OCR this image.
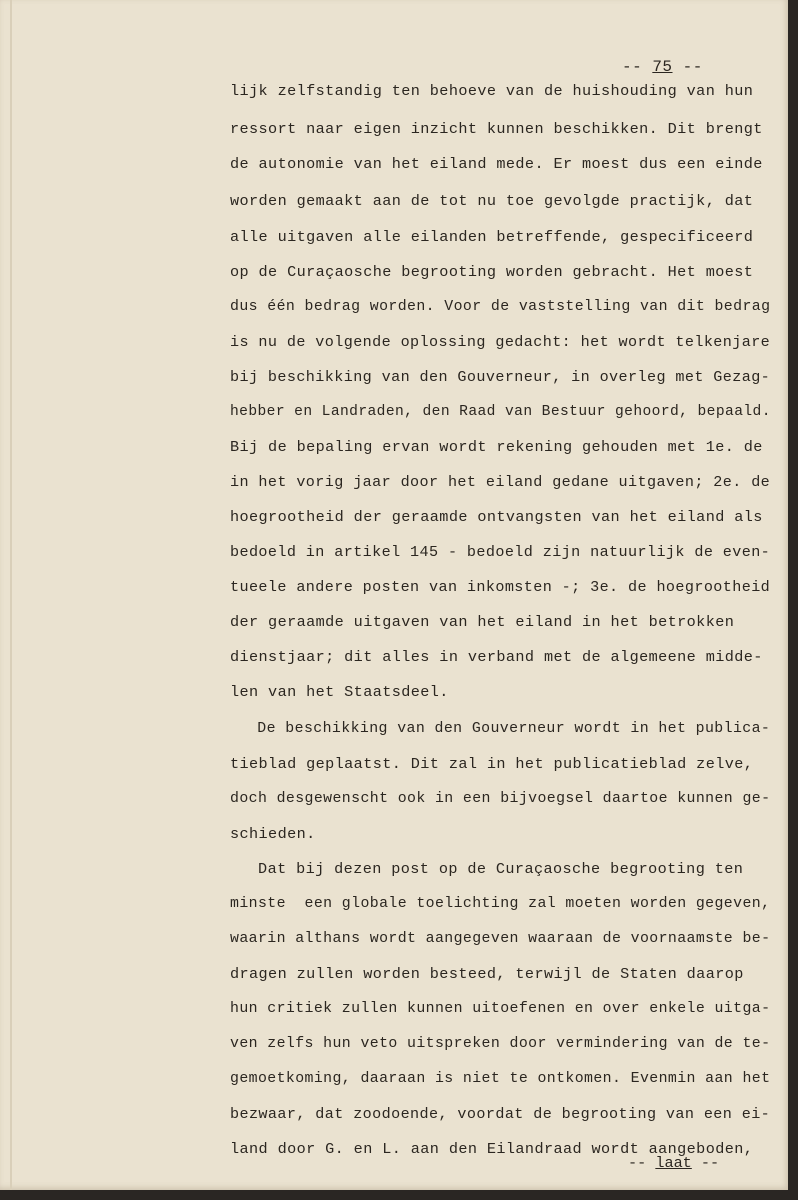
-- 75 --
lijk zelfstandig ten behoeve van de huishouding van hun
ressort naar eigen inzicht kunnen beschikken. Dit brengt
de autonomie van het eiland mede. Er moest dus een einde
worden gemaakt aan de tot nu toe gevolgde practijk, dat
alle uitgaven alle eilanden betreffende, gespecificeerd
op de Curaçaosche begrooting worden gebracht. Het moest
dus één bedrag worden. Voor de vaststelling van dit bedrag
is nu de volgende oplossing gedacht: het wordt telkenjare
bij beschikking van den Gouverneur, in overleg met Gezag-
hebber en Landraden, den Raad van Bestuur gehoord, bepaald.
Bij de bepaling ervan wordt rekening gehouden met 1e. de
in het vorig jaar door het eiland gedane uitgaven; 2e. de
hoegrootheid der geraamde ontvangsten van het eiland als
bedoeld in artikel 145 - bedoeld zijn natuurlijk de even-
tueele andere posten van inkomsten -; 3e. de hoegrootheid
der geraamde uitgaven van het eiland in het betrokken
dienstjaar; dit alles in verband met de algemeene midde-
len van het Staatsdeel.
De beschikking van den Gouverneur wordt in het publica-
tieblad geplaatst. Dit zal in het publicatieblad zelve,
doch desgewenscht ook in een bijvoegsel daartoe kunnen ge-
schieden.
Dat bij dezen post op de Curaçaosche begrooting ten
minste  een globale toelichting zal moeten worden gegeven,
waarin althans wordt aangegeven waaraan de voornaamste be-
dragen zullen worden besteed, terwijl de Staten daarop
hun critiek zullen kunnen uitoefenen en over enkele uitga-
ven zelfs hun veto uitspreken door vermindering van de te-
gemoetkoming, daaraan is niet te ontkomen. Evenmin aan het
bezwaar, dat zoodoende, voordat de begrooting van een ei-
land door G. en L. aan den Eilandraad wordt aangeboden,
-- laat --
